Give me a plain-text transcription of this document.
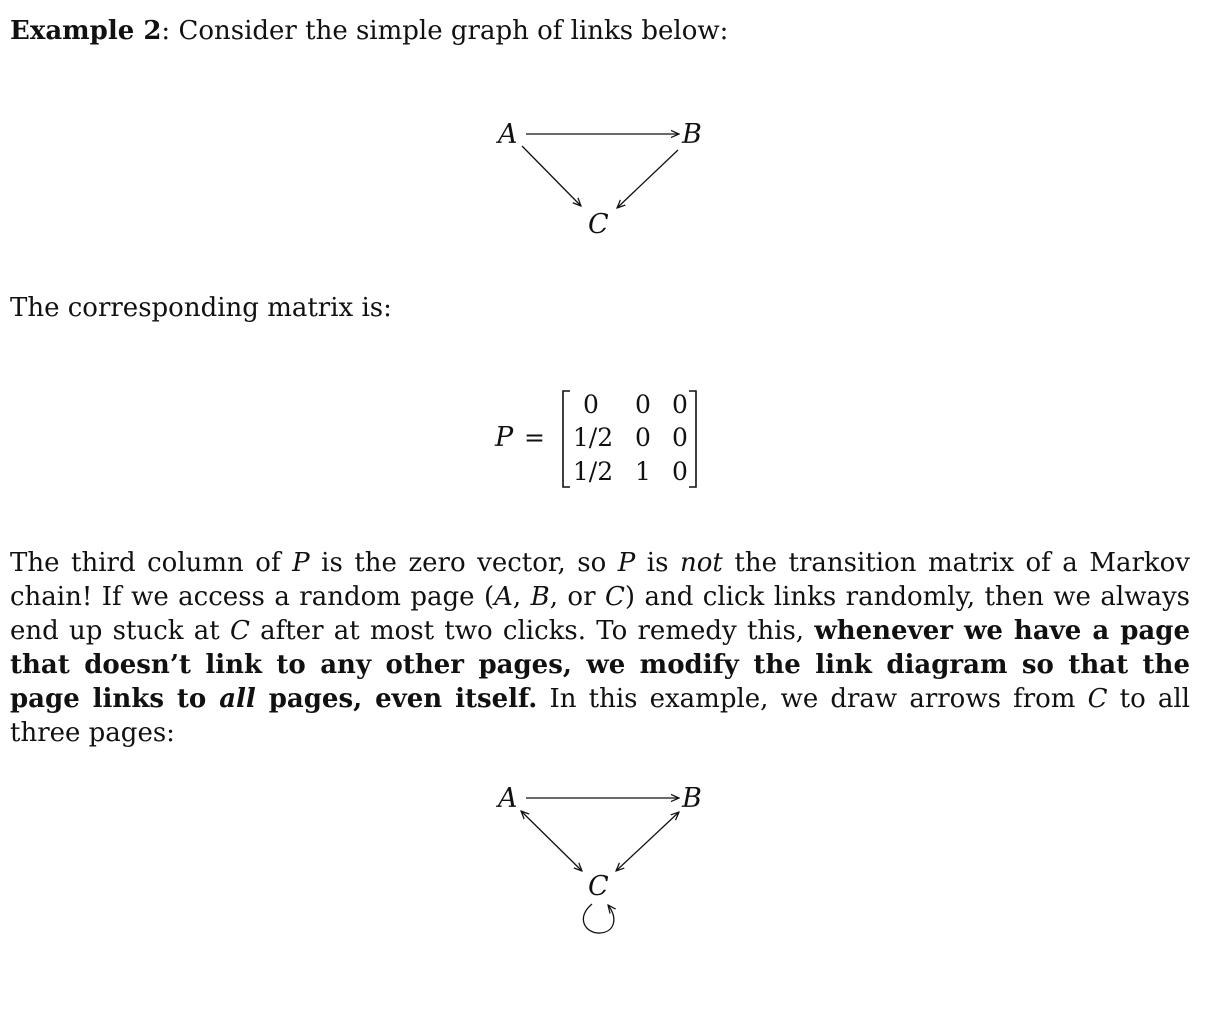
Example 2: Consider the simple graph of links below:
A	B
C
A	B
C
P =
0 0 0
1/2 0 0
1/2 1 0
The corresponding matrix is:
The third column of P is the zero vector, so P is not the transition matrix of a Markov chain! If we access a random page (A, B, or C) and click links randomly, then we always end up stuck at C after at most two clicks. To remedy this, whenever we have a page that doesn’t link to any other pages, we modify the link diagram so that the page links to all pages, even itself. In this example, we draw arrows from C to all three pages:
